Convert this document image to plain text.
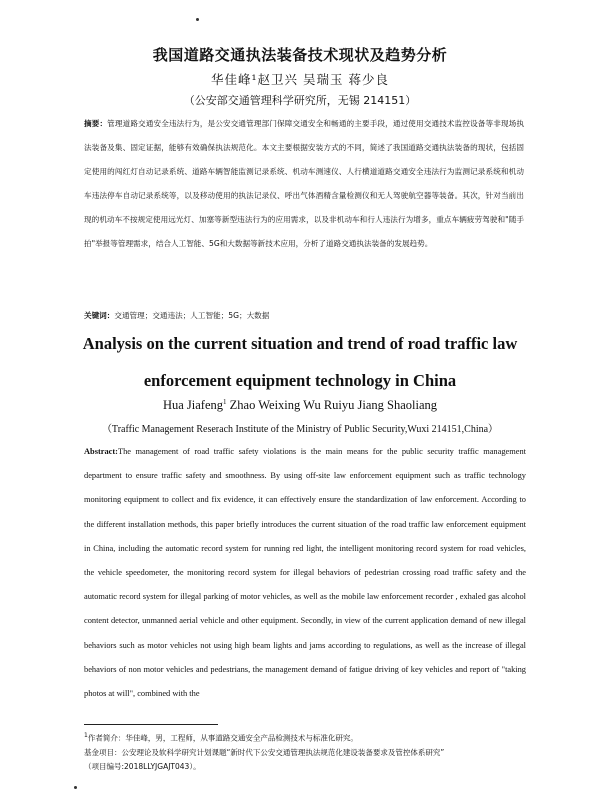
我国道路交通执法装备技术现状及趋势分析
华佳峰¹赵卫兴 吴瑞玉 蒋少良
（公安部交通管理科学研究所，无锡 214151）
摘要：管理道路交通安全违法行为，是公安交通管理部门保障交通安全和畅通的主要手段，通过使用交通技术监控设备等非现场执法装备及集、固定证据，能够有效确保执法规范化。本文主要根据安装方式的不同，简述了我国道路交通执法装备的现状，包括固定使用的闯红灯自动记录系统、道路车辆智能监测记录系统、机动车测速仪、人行横道道路交通安全违法行为监测记录系统和机动车违法停车自动记录系统等，以及移动使用的执法记录仪、呼出气体酒精含量检测仪和无人驾驶航空器等装备。其次，针对当前出现的机动车不按规定使用远光灯、加塞等新型违法行为的应用需求，以及非机动车和行人违法行为增多，重点车辆疲劳驾驶和"随手拍"举报等管理需求，结合人工智能、5G和大数据等新技术应用，分析了道路交通执法装备的发展趋势。
关键词：交通管理；交通违法；人工智能；5G；大数据
Analysis on the current situation and trend of road traffic law
enforcement equipment technology in China
Hua Jiafeng$^1$ Zhao Weixing Wu Ruiyu Jiang Shaoliang
（Traffic Management Reserach Institute of the Ministry of Public Security,Wuxi 214151,China）
Abstract:The management of road traffic safety violations is the main means for the public security traffic management department to ensure traffic safety and smoothness. By using off-site law enforcement equipment such as traffic technology monitoring equipment to collect and fix evidence, it can effectively ensure the standardization of law enforcement. According to the different installation methods, this paper briefly introduces the current situation of the road traffic law enforcement equipment in China, including the automatic record system for running red light, the intelligent monitoring record system for road vehicles, the vehicle speedometer, the monitoring record system for illegal behaviors of pedestrian crossing road traffic safety and the automatic record system for illegal parking of motor vehicles, as well as the mobile law enforcement recorder , exhaled gas alcohol content detector, unmanned aerial vehicle and other equipment. Secondly, in view of the current application demand of new illegal behaviors such as motor vehicles not using high beam lights and jams according to regulations, as well as the increase of illegal behaviors of non motor vehicles and pedestrians, the management demand of fatigue driving of key vehicles and report of "taking photos at will", combined with the
$^1$作者简介：华佳峰，男，工程师，从事道路交通安全产品检测技术与标准化研究。
基金项目：公安理论及软科学研究计划课题“新时代下公安交通管理执法规范化建设装备要求及管控体系研究”
（项目编号:2018LLYJGAJT043）。
